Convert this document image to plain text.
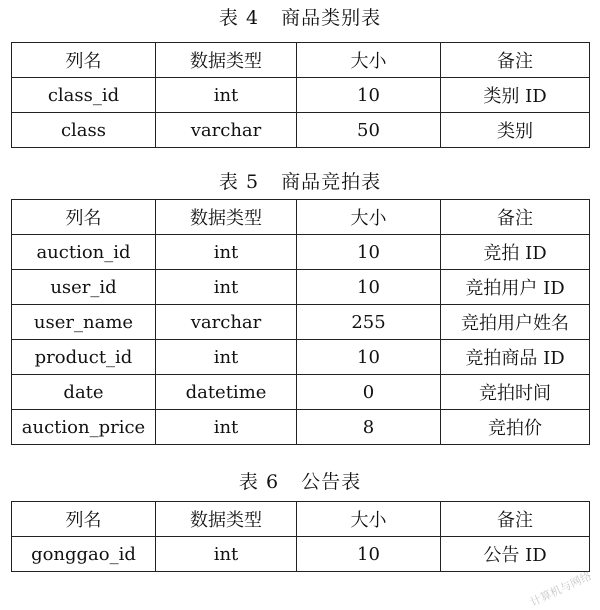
表 4 商品类别表
列名	数据类型	大小	备注
class_id	int	10	类别 ID
class	varchar	50	类别
表 5 商品竞拍表
列名	数据类型	大小	备注
auction_id	int	10	竞拍 ID
user_id	int	10	竞拍用户 ID
user_name	varchar	255	竞拍用户姓名
product_id	int	10	竞拍商品 ID
date	datetime	0	竞拍时间
auction_price	int	8	竞拍价
表 6 公告表
列名	数据类型	大小	备注
gonggao_id	int	10	公告 ID
计算机与网络
